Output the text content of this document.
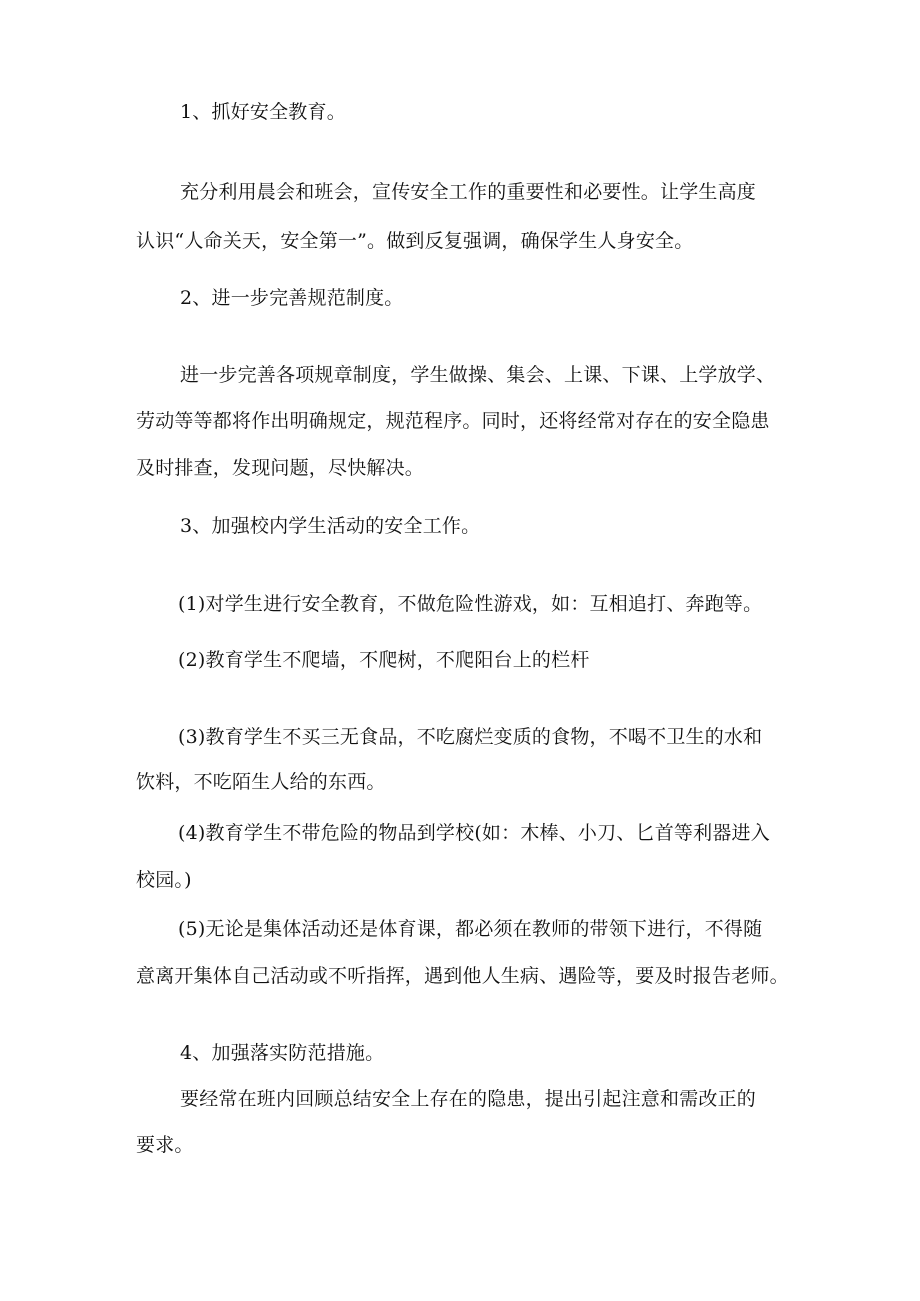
1、抓好安全教育。
充分利用晨会和班会，宣传安全工作的重要性和必要性。让学生高度
认识“人命关天，安全第一”。做到反复强调，确保学生人身安全。
2、进一步完善规范制度。
进一步完善各项规章制度，学生做操、集会、上课、下课、上学放学、
劳动等等都将作出明确规定，规范程序。同时，还将经常对存在的安全隐患
及时排查，发现问题，尽快解决。
3、加强校内学生活动的安全工作。
(1)对学生进行安全教育，不做危险性游戏，如：互相追打、奔跑等。
(2)教育学生不爬墙，不爬树，不爬阳台上的栏杆
(3)教育学生不买三无食品，不吃腐烂变质的食物，不喝不卫生的水和
饮料，不吃陌生人给的东西。
(4)教育学生不带危险的物品到学校(如：木棒、小刀、匕首等利器进入
校园。)
(5)无论是集体活动还是体育课，都必须在教师的带领下进行，不得随
意离开集体自己活动或不听指挥，遇到他人生病、遇险等，要及时报告老师。
4、加强落实防范措施。
要经常在班内回顾总结安全上存在的隐患，提出引起注意和需改正的
要求。
